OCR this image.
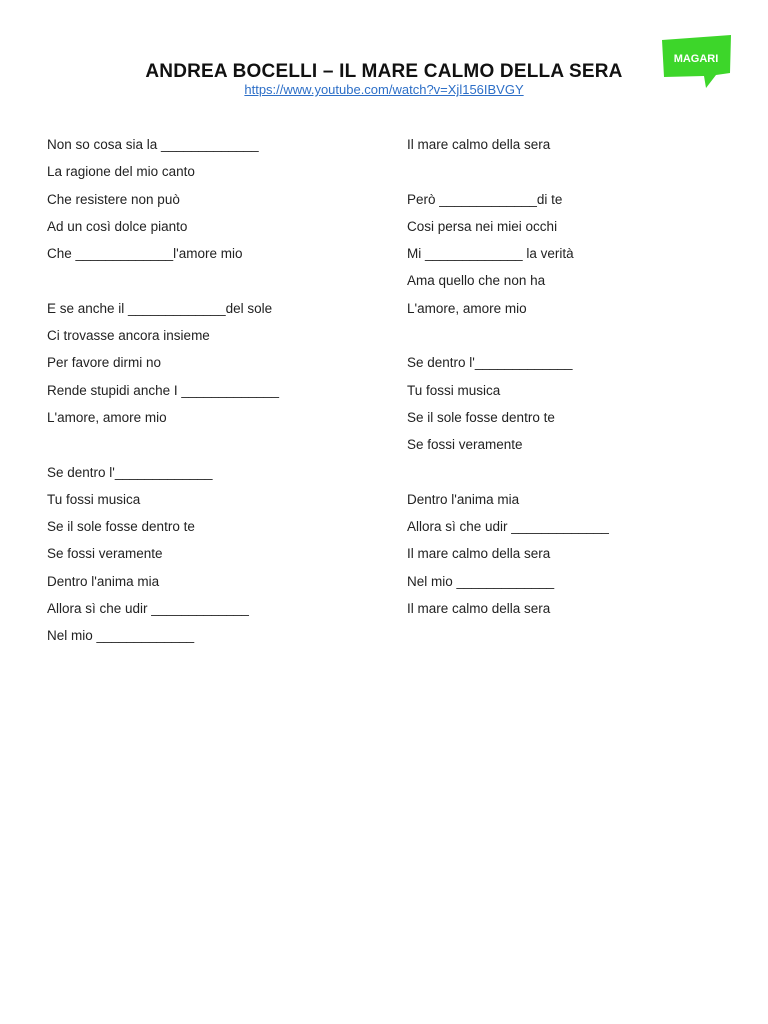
MAGARI
ANDREA BOCELLI – IL MARE CALMO DELLA SERA
https://www.youtube.com/watch?v=Xjl156IBVGY
Non so cosa sia la _____________
La ragione del mio canto
Che resistere non può
Ad un così dolce pianto
Che _____________l'amore mio
E se anche il _____________del sole
Ci trovasse ancora insieme
Per favore dirmi no
Rende stupidi anche I _____________
L'amore, amore mio
Se dentro l'_____________
Tu fossi musica
Se il sole fosse dentro te
Se fossi veramente
Dentro l'anima mia
Allora sì che udir _____________
Nel mio _____________
Il mare calmo della sera
Però _____________di te
Cosi persa nei miei occhi
Mi _____________ la verità
Ama quello che non ha
L'amore, amore mio
Se dentro l'_____________
Tu fossi musica
Se il sole fosse dentro te
Se fossi veramente
Dentro l'anima mia
Allora sì che udir _____________
Il mare calmo della sera
Nel mio _____________
Il mare calmo della sera
